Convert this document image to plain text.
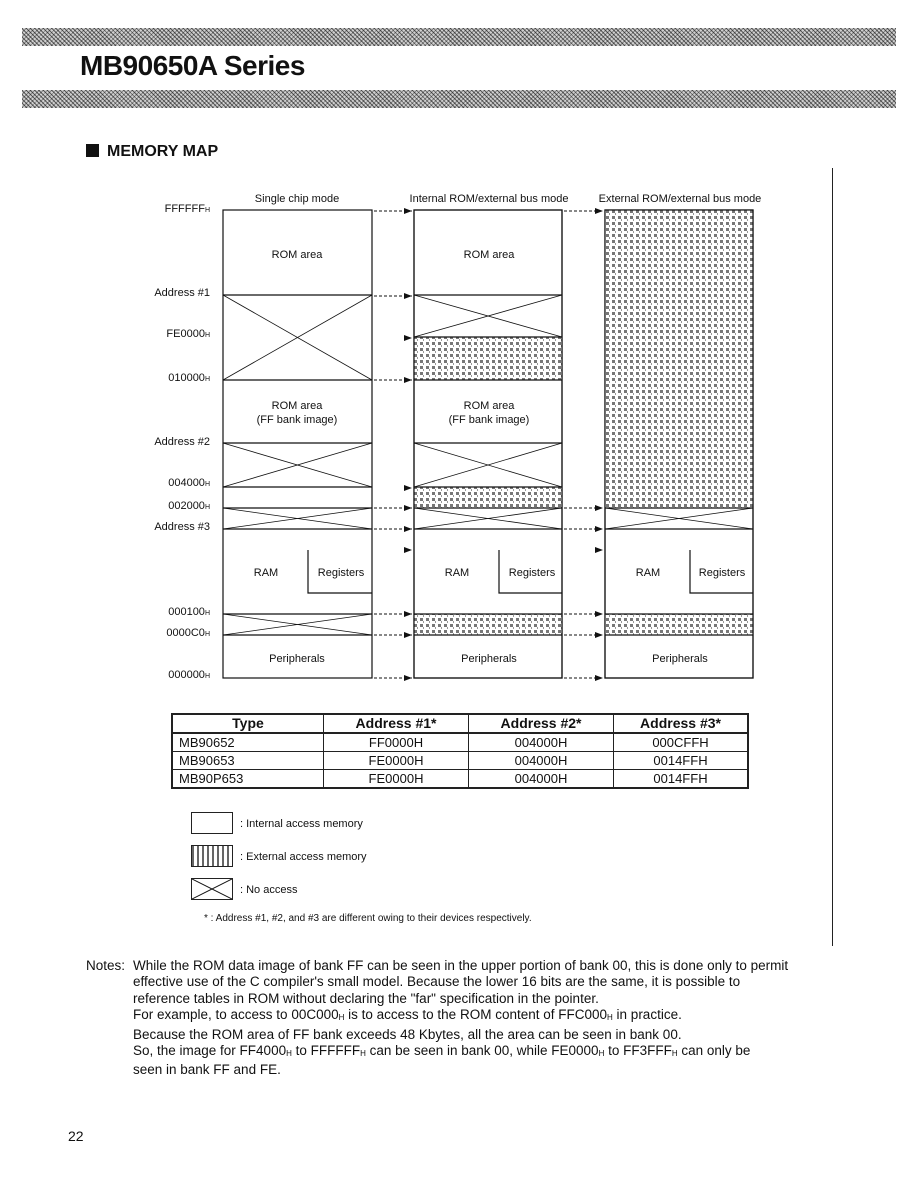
MB90650A Series
MEMORY MAP
Single chip mode	Internal ROM/external bus mode	External ROM/external bus mode
FFFFFFH
Address #1
FE0000H
010000H
Address #2
004000H
002000H
Address #3
000100H
0000C0H
000000H
ROM area
ROM area
(FF bank image)
RAM	Registers
Peripherals
ROM area
ROM area
(FF bank image)
RAM	Registers
Peripherals
RAM	Registers
Peripherals
Type	Address #1*	Address #2*	Address #3*
MB90652	FF0000H	004000H	000CFFH
MB90653	FE0000H	004000H	0014FFH
MB90P653	FE0000H	004000H	0014FFH
: Internal access memory
: External access memory
: No access
* : Address #1, #2, and #3 are different owing to their devices respectively.
Notes: While the ROM data image of bank FF can be seen in the upper portion of bank 00, this is done only to permit

effective use of the C compiler's small model. Because the lower 16 bits are the same, it is possible to

reference tables in ROM without declaring the "far" specification in the pointer.

For example, to access to $00C000_H$ is to access to the ROM content of $FFC000_H$ in practice.

Because the ROM area of FF bank exceeds 48 Kbytes, all the area can be seen in bank 00.

So, the image for $FF4000_H$ to $FFFFFF_H$ can be seen in bank 00, while $FE0000_H$ to $FF3FFF_H$ can only be

seen in bank FF and FE.

22
